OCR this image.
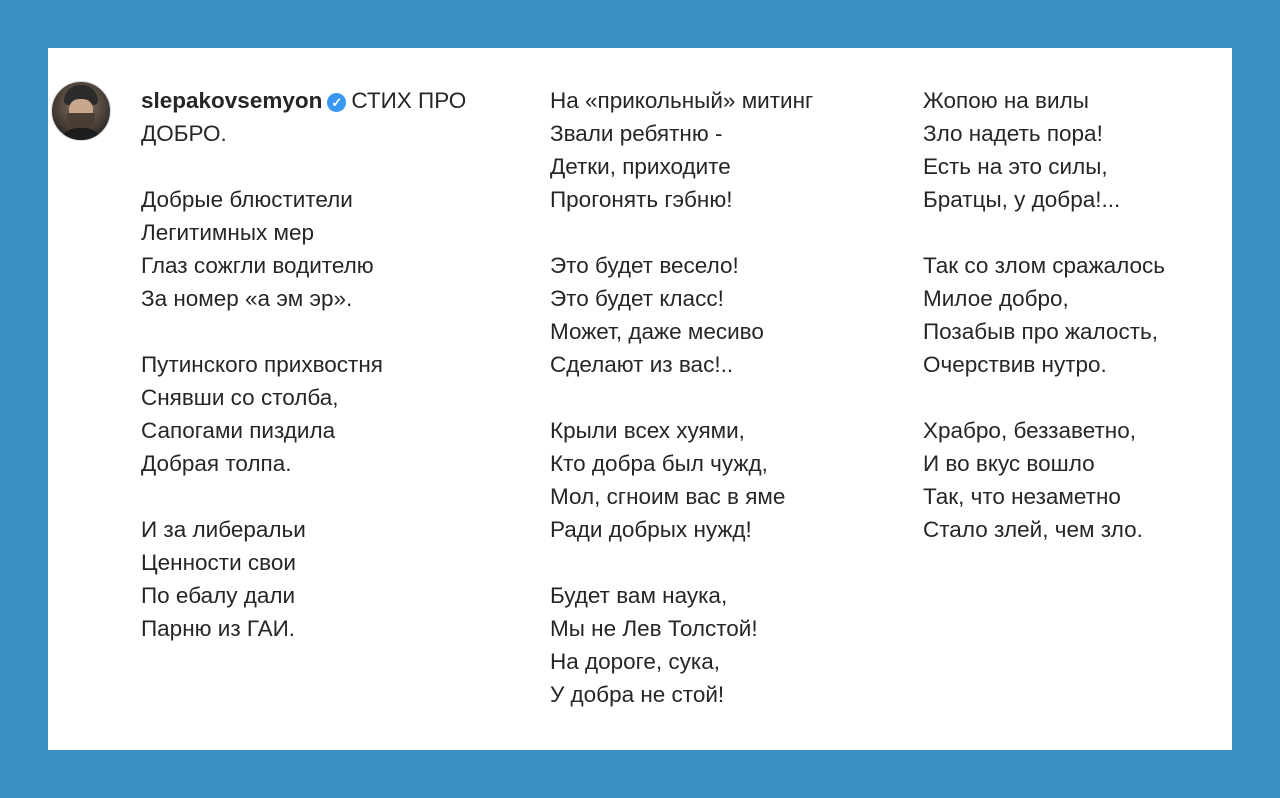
slepakovsemyon ✓ СТИХ ПРО
ДОБРО.
Добрые блюстители
Легитимных мер
Глаз сожгли водителю
За номер «а эм эр».
Путинского прихвостня
Снявши со столба,
Сапогами пиздила
Добрая толпа.
И за либеральи
Ценности свои
По ебалу дали
Парню из ГАИ.
На «прикольный» митинг
Звали ребятню -
Детки, приходите
Прогонять гэбню!
Это будет весело!
Это будет класс!
Может, даже месиво
Сделают из вас!..
Крыли всех хуями,
Кто добра был чужд,
Мол, сгноим вас в яме
Ради добрых нужд!
Будет вам наука,
Мы не Лев Толстой!
На дороге, сука,
У добра не стой!
Жопою на вилы
Зло надеть пора!
Есть на это силы,
Братцы, у добра!...
Так со злом сражалось
Милое добро,
Позабыв про жалость,
Очерствив нутро.
Храбро, беззаветно,
И во вкус вошло
Так, что незаметно
Стало злей, чем зло.
